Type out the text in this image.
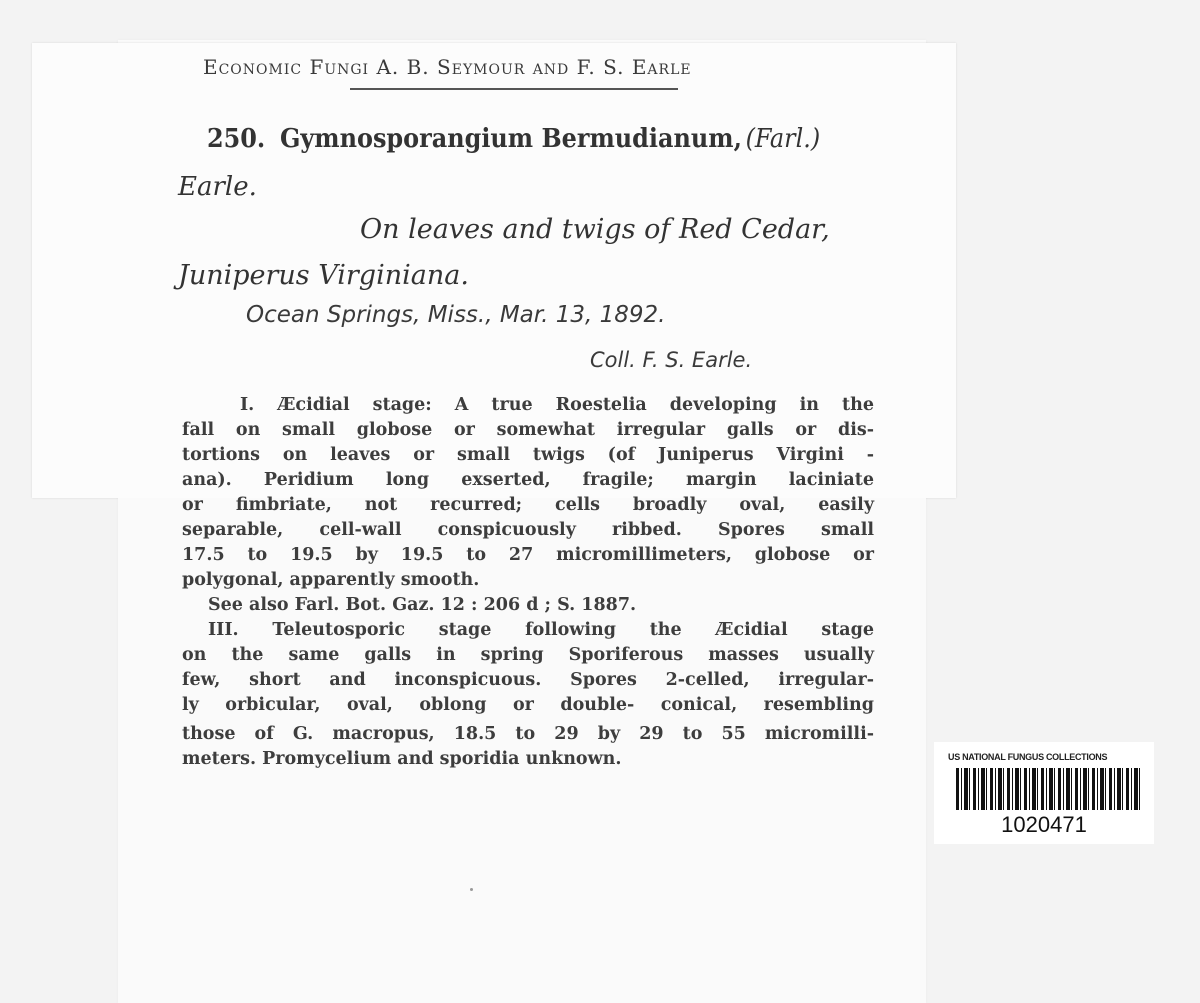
Economic Fungi A. B. Seymour and F. S. Earle
250. Gymnosporangium Bermudianum, (Farl.)
Earle.
On leaves and twigs of Red Cedar,
Juniperus Virginiana.
Ocean Springs, Miss., Mar. 13, 1892.
Coll. F. S. Earle.
I. Æcidial stage: A true Roestelia developing in the
fall on small globose or somewhat irregular galls or dis-
tortions on leaves or small twigs (of Juniperus Virgini -
ana). Peridium long exserted, fragile; margin laciniate
or fimbriate, not recurred; cells broadly oval, easily
separable, cell-wall conspicuously ribbed. Spores small
17.5 to 19.5 by 19.5 to 27 micromillimeters, globose or
polygonal, apparently smooth.
See also Farl. Bot. Gaz. 12 : 206 d ; S. 1887.
III. Teleutosporic stage following the Æcidial stage
on the same galls in spring Sporiferous masses usually
few, short and inconspicuous. Spores 2-celled, irregular-
ly orbicular, oval, oblong or double- conical, resembling
those of G. macropus, 18.5 to 29 by 29 to 55 micromilli-
meters. Promycelium and sporidia unknown.	US NATIONAL FUNGUS COLLECTIONS
1020471
